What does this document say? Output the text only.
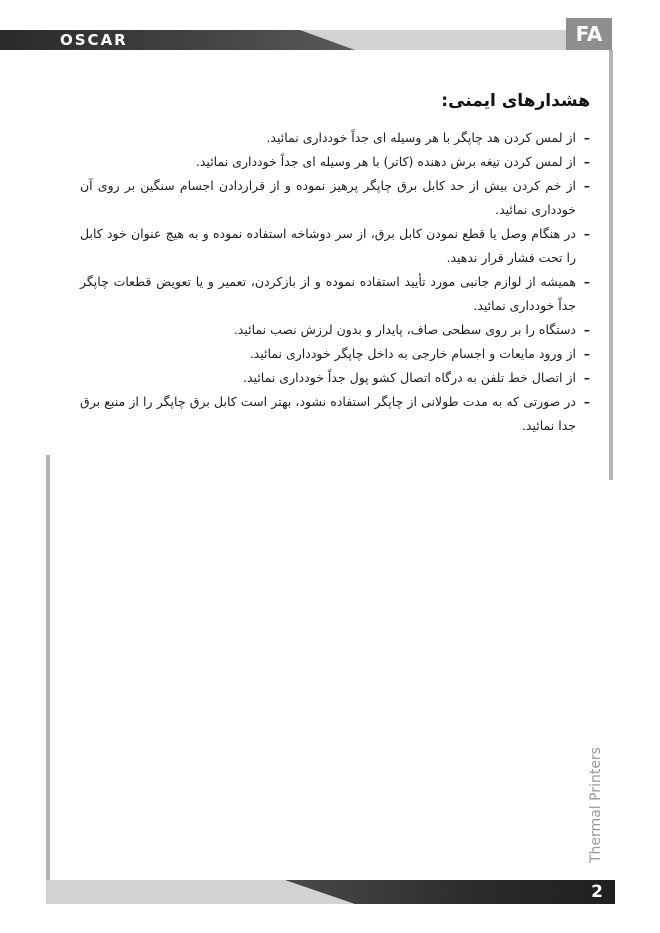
OSCAR	FA
هشدارهای ایمنی:
–
از لمس کردن هد چاپگر با هر وسیله ای جداً خودداری نمائید.
–
از لمس کردن تیغه برش دهنده (کاتر) با هر وسیله ای جداً خودداری نمائید.
–
از خم کردن بیش از حد کابل برق چاپگر پرهیز نموده و از قراردادن اجسام سنگین بر روی آن خودداری نمائید.
–
در هنگام وصل یا قطع نمودن کابل برق، از سر دوشاخه استفاده نموده و به هیچ عنوان خود کابل را تحت فشار قرار ندهید.
–
همیشه از لوازم جانبی مورد تأیید استفاده نموده و از بازکردن، تعمیر و یا تعویض قطعات چاپگر جداً خودداری نمائید.
–
دستگاه را بر روی سطحی صاف، پایدار و بدون لرزش نصب نمائید.
–
از ورود مایعات و اجسام خارجی به داخل چاپگر خودداری نمائید.
–
از اتصال خط تلفن به درگاه اتصال کشو پول جداً خودداری نمائید.
–
در صورتی که به مدت طولانی از چاپگر استفاده نشود، بهتر است کابل برق چاپگر را از منبع برق جدا نمائید.
Thermal Printers
2
